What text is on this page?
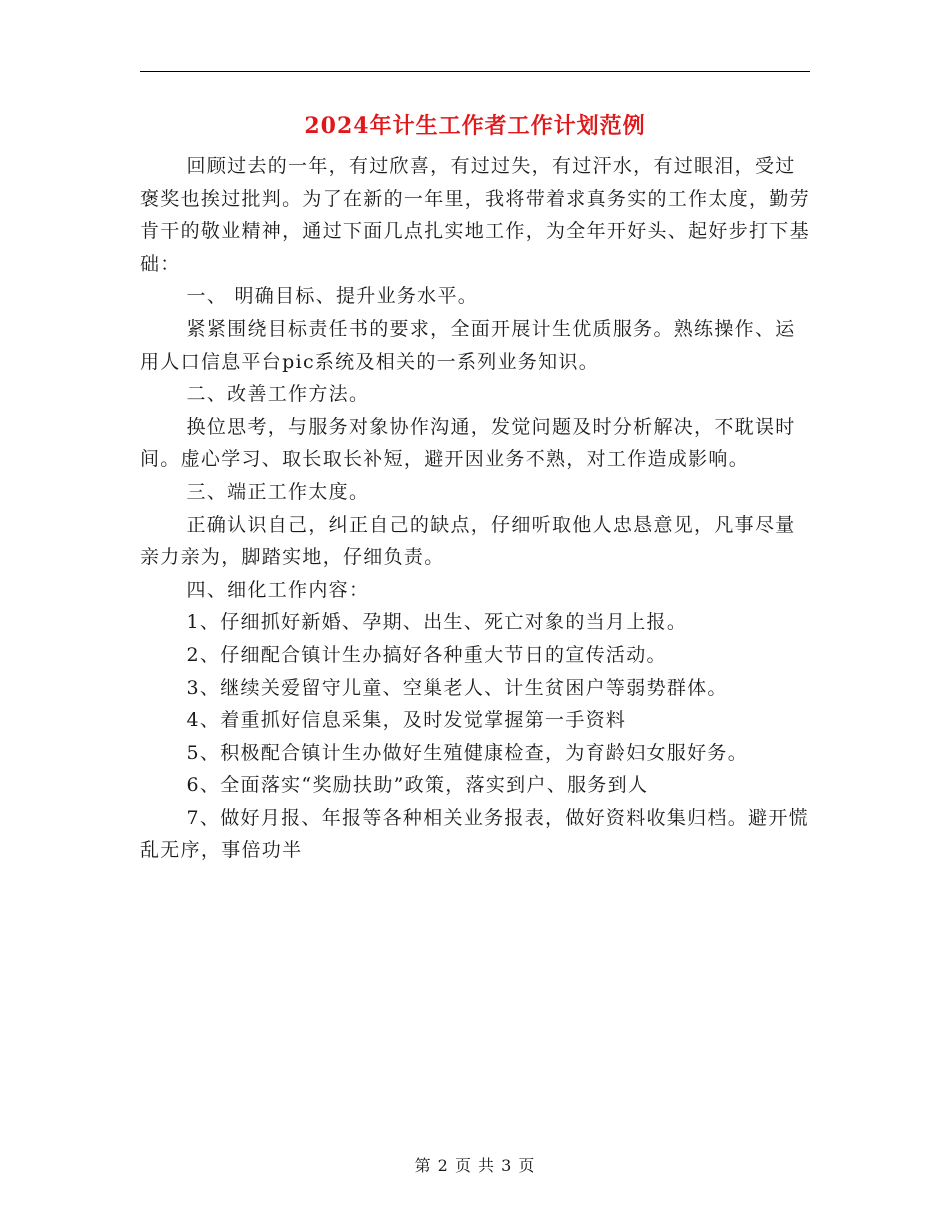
2024年计生工作者工作计划范例

回顾过去的一年，有过欣喜，有过过失，有过汗水，有过眼泪，受过褒奖也挨过批判。为了在新的一年里，我将带着求真务实的工作太度，勤劳肯干的敬业精神，通过下面几点扎实地工作，为全年开好头、起好步打下基础：

一、 明确目标、提升业务水平。

紧紧围绕目标责任书的要求，全面开展计生优质服务。熟练操作、运用人口信息平台pic系统及相关的一系列业务知识。

二、改善工作方法。

换位思考，与服务对象协作沟通，发觉问题及时分析解决，不耽误时间。虚心学习、取长取长补短，避开因业务不熟，对工作造成影响。

三、端正工作太度。

正确认识自己，纠正自己的缺点，仔细听取他人忠恳意见，凡事尽量亲力亲为，脚踏实地，仔细负责。

四、细化工作内容：

1、仔细抓好新婚、孕期、出生、死亡对象的当月上报。

2、仔细配合镇计生办搞好各种重大节日的宣传活动。

3、继续关爱留守儿童、空巢老人、计生贫困户等弱势群体。

4、着重抓好信息采集，及时发觉掌握第一手资料

5、积极配合镇计生办做好生殖健康检查，为育龄妇女服好务。

6、全面落实“奖励扶助”政策，落实到户、服务到人

7、做好月报、年报等各种相关业务报表，做好资料收集归档。避开慌乱无序，事倍功半

第 2 页 共 3 页
